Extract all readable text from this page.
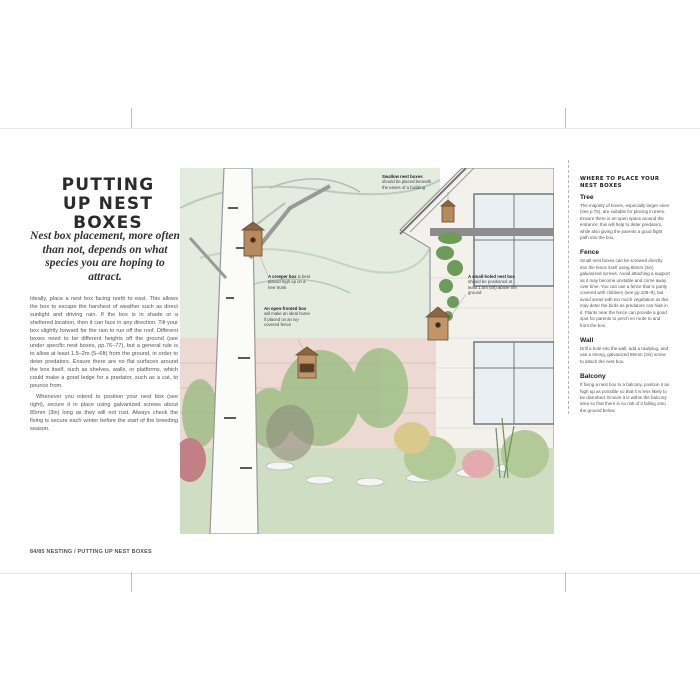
PUTTING UP NEST BOXES

Nest box placement, more often than not, depends on what species you are hoping to attract.

Ideally, place a nest box facing north to east. This allows the box to escape the harshest of weather such as direct sunlight and driving rain. If the box is in shade or a sheltered location, then it can face in any direction. Tilt your box slightly forward for the rain to run off the roof. Different boxes need to be different heights off the ground (see under specific nest boxes, pp.76–77), but a general rule is to allow at least 1.5–2m (5–6ft) from the ground, in order to deter predators. Ensure there are no flat surfaces around the box itself, such as shelves, walls, or platforms, which could make a good ledge for a predator, such as a cat, to pounce from.

Whenever you intend to position your nest box (see right), secure it in place using galvanized screws about 85mm (3in) long as they will not rust. Always check the fixing is secure each winter before the start of the breeding season.

84/85 NESTING / PUTTING UP NEST BOXES
Swallow nest boxes should be placed beneath the eaves of a building
A creeper box is best placed high up on a tree trunk
An open-fronted box will make an ideal home if placed on an ivy-covered fence
A small-holed nest box should be positioned at least 1.5m (5ft) above the ground
WHERE TO PLACE YOUR NEST BOXES
Tree

The majority of boxes, especially larger ones (see p.75), are suitable for placing in trees. Ensure there is an open space around the entrance; this will help to deter predators, while also giving the parents a good flight path into the box.

Fence

Small nest boxes can be screwed directly into the fence itself using 85mm (3in) galvanized screws. Avoid attaching a support as it may become unstable and come away over time. You can use a fence that is partly covered with climbers (see pp.108–9), but avoid areas with too much vegetation as this may deter the birds as predators can hide in it. Plants near the fence can provide a good spot for parents to perch en route to and from the box.

Wall

Drill a hole into the wall, add a rawlplug, and use a strong, galvanized 85mm (3in) screw to attach the nest box.

Balcony

If fixing a nest box to a balcony, position it as high up as possible so that it is less likely to be disturbed. Ensure it is within the balcony area so that there is no risk of it falling onto the ground below.
